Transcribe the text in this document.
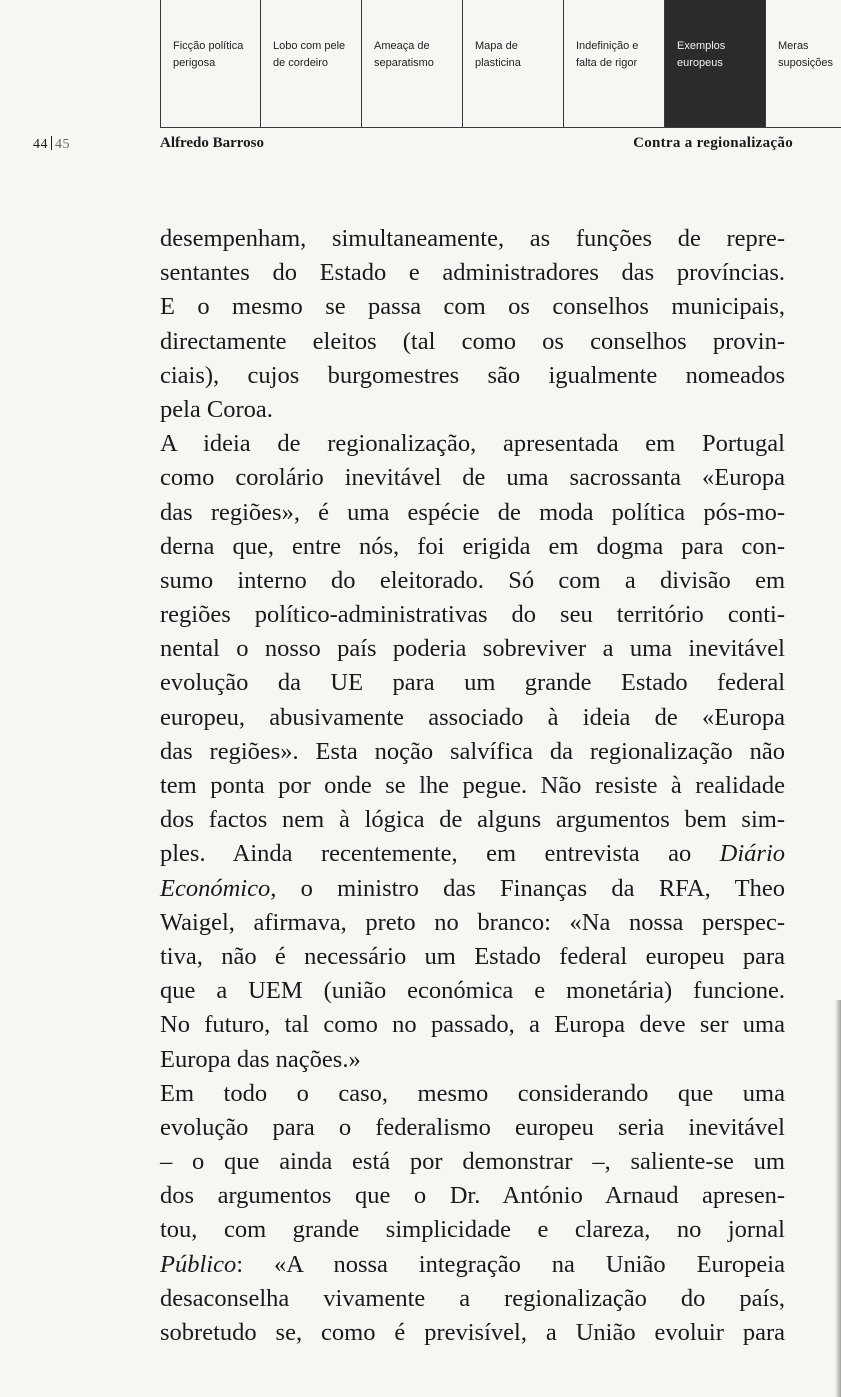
Ficção política
perigosa
Lobo com pele
de cordeiro
Ameaça de
separatismo
Mapa de
plasticina
Indefinição e
falta de rigor
Exemplos
europeus
Meras
suposições
44 45	Alfredo Barroso	Contra a regionalização
desempenham, simultaneamente, as funções de repre-
sentantes do Estado e administradores das províncias.
E o mesmo se passa com os conselhos municipais,
directamente eleitos (tal como os conselhos provin-
ciais), cujos burgomestres são igualmente nomeados
pela Coroa.
A ideia de regionalização, apresentada em Portugal
como corolário inevitável de uma sacrossanta «Europa
das regiões», é uma espécie de moda política pós-mo-
derna que, entre nós, foi erigida em dogma para con-
sumo interno do eleitorado. Só com a divisão em
regiões político-administrativas do seu território conti-
nental o nosso país poderia sobreviver a uma inevitável
evolução da UE para um grande Estado federal
europeu, abusivamente associado à ideia de «Europa
das regiões». Esta noção salvífica da regionalização não
tem ponta por onde se lhe pegue. Não resiste à realidade
dos factos nem à lógica de alguns argumentos bem sim-
ples. Ainda recentemente, em entrevista ao Diário
Económico, o ministro das Finanças da RFA, Theo
Waigel, afirmava, preto no branco: «Na nossa perspec-
tiva, não é necessário um Estado federal europeu para
que a UEM (união económica e monetária) funcione.
No futuro, tal como no passado, a Europa deve ser uma
Europa das nações.»
Em todo o caso, mesmo considerando que uma
evolução para o federalismo europeu seria inevitável
– o que ainda está por demonstrar –, saliente-se um
dos argumentos que o Dr. António Arnaud apresen-
tou, com grande simplicidade e clareza, no jornal
Público: «A nossa integração na União Europeia
desaconselha vivamente a regionalização do país,
sobretudo se, como é previsível, a União evoluir para
